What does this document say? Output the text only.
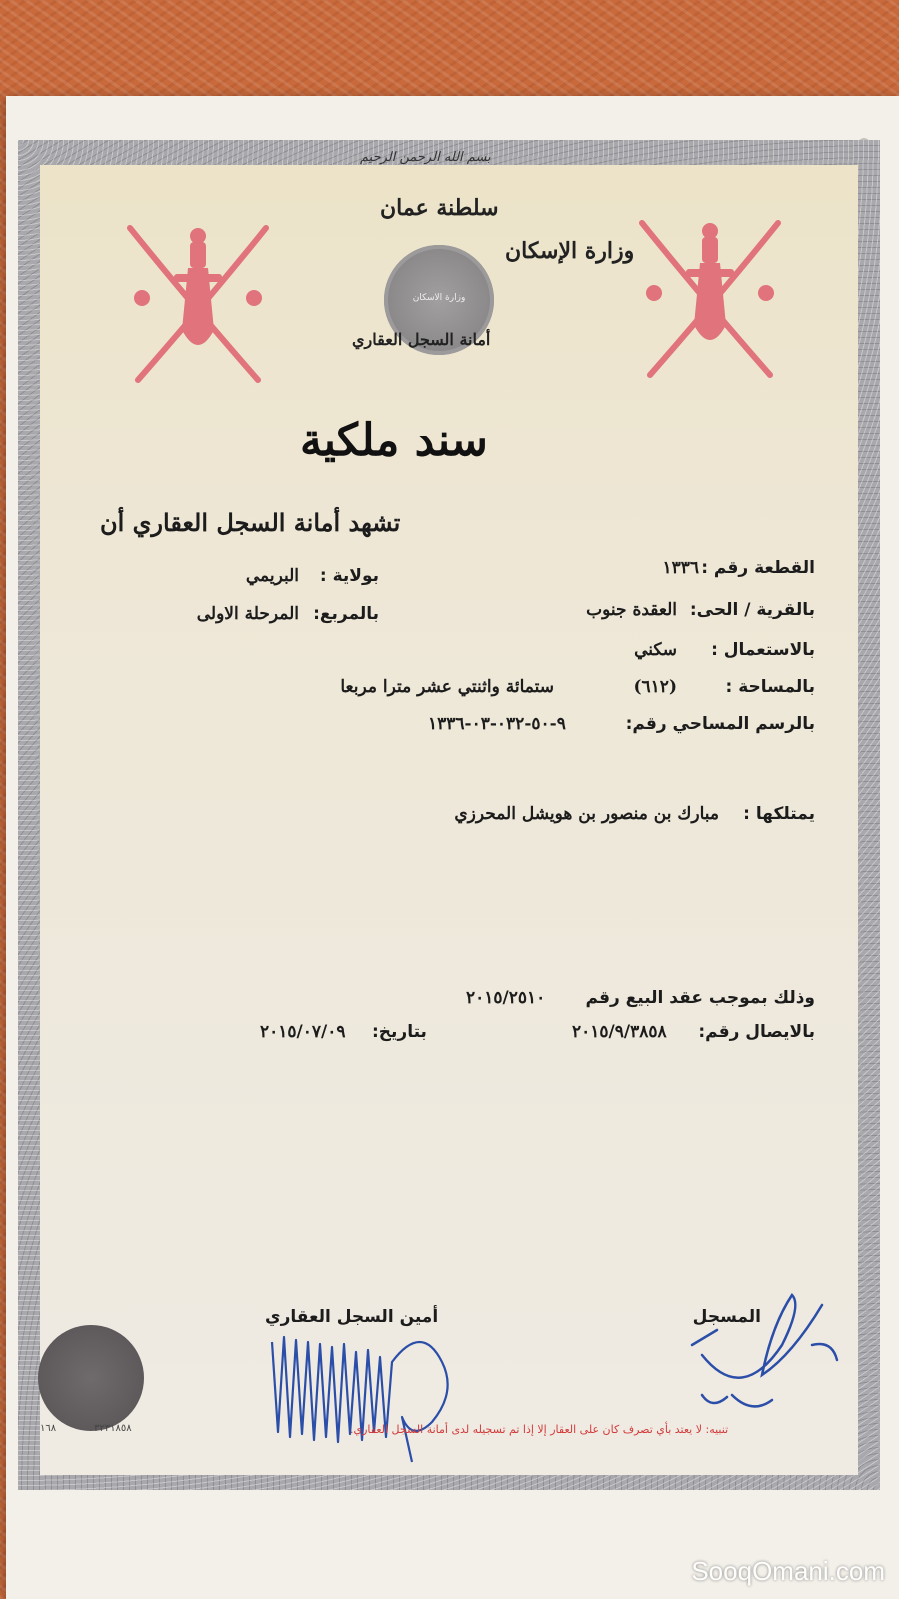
بسم الله الرحمن الرحيم
سلطنة عمان
وزارة الاسكان
وزارة الإسكان
أمانة السجل العقاري
سند ملكية
تشهد أمانة السجل العقاري أن
القطعة رقم :
١٣٣٦
بولاية :
البريمي
بالقرية / الحى:
العقدة جنوب
بالمربع:
المرحلة الاولى
بالاستعمال :
سكني
بالمساحة :
(٦١٢)
ستمائة واثنتي عشر مترا مربعا
بالرسم المساحي رقم:
٩-٥٠-٠٣٢-٠٣-١٣٣٦
يمتلكها :
مبارك بن منصور بن هويشل المحرزي
وذلك بموجب عقد البيع رقم
٢٠١٥/٢٥١٠
بالايصال رقم:
٢٠١٥/٩/٣٨٥٨
بتاريخ:
٢٠١٥/٠٧/٠٩
المسجل
أمين السجل العقاري
تنبيه: لا يعتد بأي تصرف كان على العقار إلا إذا تم تسجيله لدى أمانة السجل العقاري.
١٦٨	٣٢٣١٨٥٨
SooqOmani.com
